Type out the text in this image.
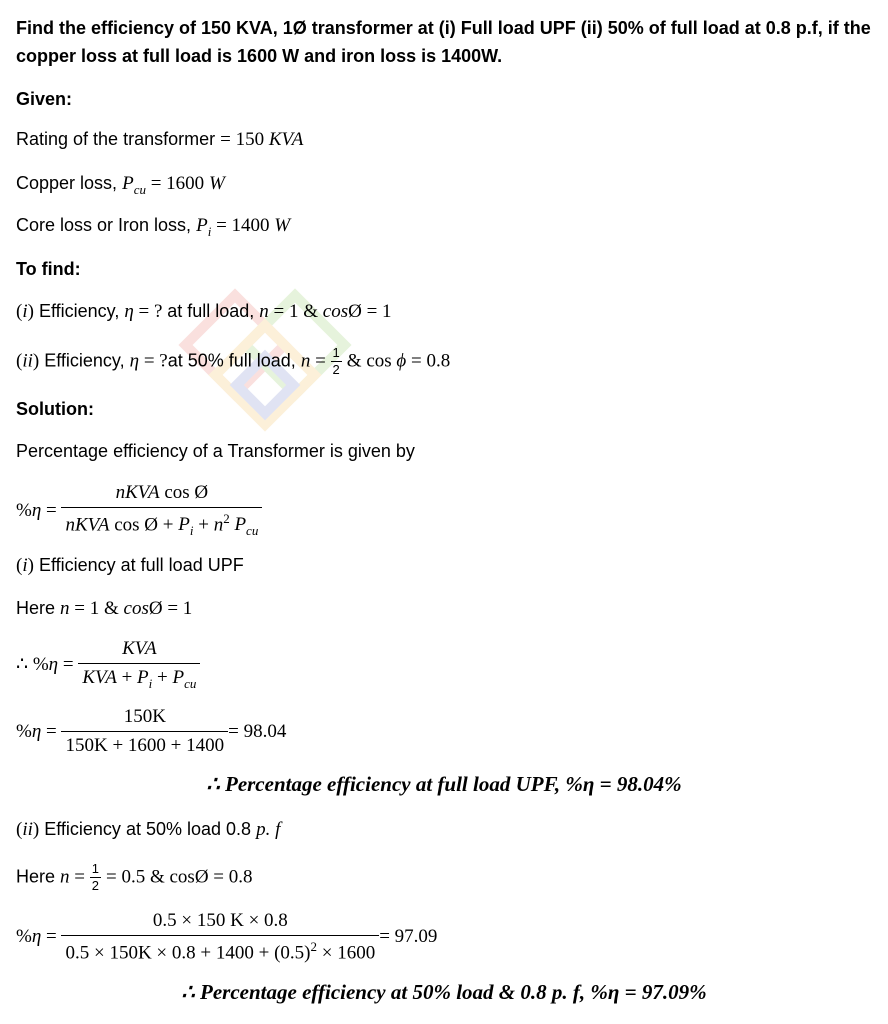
Find the efficiency of 150 KVA, 1Ø transformer at (i) Full load UPF (ii) 50% of full load at 0.8 p.f, if the copper loss at full load is 1600 W and iron loss is 1400W.
Given:
Rating of the transformer = 150 KVA
Copper loss, $P_{cu} = 1600$ W
Core loss or Iron loss, $P_i = 1400$ W
To find:
(i) Efficiency, η = ? at full load, n = 1 & cosØ = 1
(ii) Efficiency, η = ?at 50% full load, $n = \frac{1}{2}$ & cos ϕ = 0.8
Solution:
Percentage efficiency of a Transformer is given by
% $\eta = \frac{\text{nKVA cos Ø}}{nKVA \cos Ø + P_i + n^2 P_{cu}}$
(i) Efficiency at full load UPF
Here n = 1 & cosØ = 1
∴ % $\eta = \frac{\text{KVA}}{KVA + P_i + P_{cu}}$
% $\eta = \frac{150K}{150K + 1600 + 1400} = 98.04$
∴ Percentage efficiency at full load UPF, %η = 98.04%
(ii) Efficiency at 50% load 0.8 p. f
Here $n = \frac{1}{2} = 0.5$ & cosØ = 0.8
% $\eta = \frac{0.5 \times 150 K \times 0.8}{0.5 \times 150K \times 0.8 + 1400 + (0.5)^2 \times 1600} = 97.09$
∴ Percentage efficiency at 50% load & 0.8 p. f, %η = 97.09%
